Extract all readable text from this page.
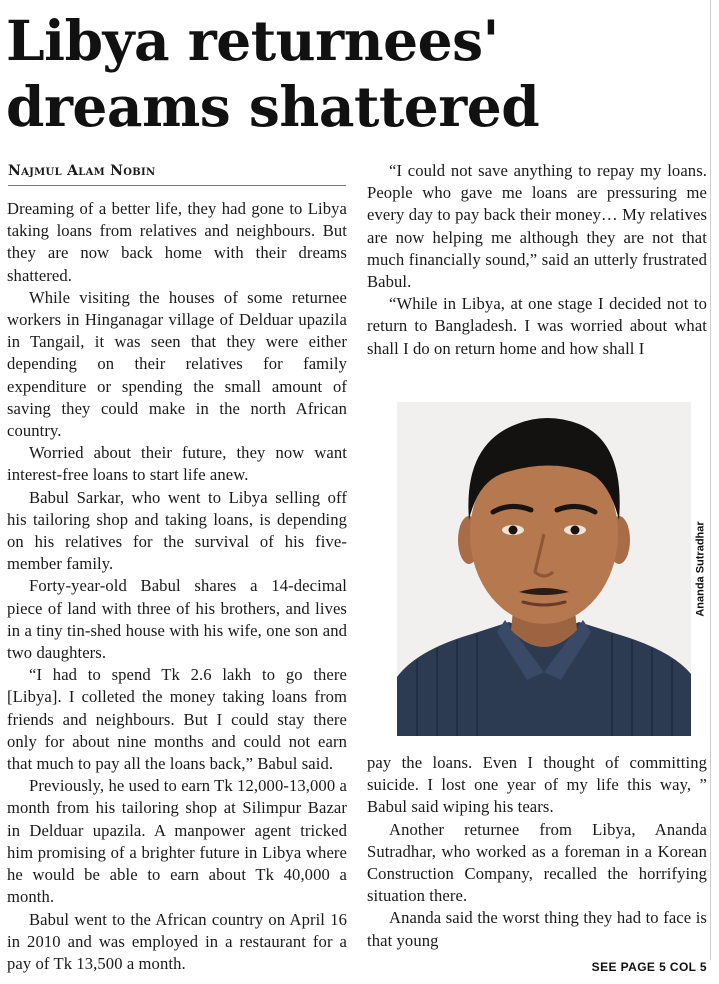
Libya returnees' dreams shattered
Najmul Alam Nobin

Dreaming of a better life, they had gone to Libya taking loans from relatives and neighbours. But they are now back home with their dreams shattered.

While visiting the houses of some returnee workers in Hinganagar village of Delduar upazila in Tangail, it was seen that they were either depending on their relatives for family expenditure or spending the small amount of saving they could make in the north African country.

Worried about their future, they now want interest-free loans to start life anew.

Babul Sarkar, who went to Libya selling off his tailoring shop and taking loans, is depending on his relatives for the survival of his five-member family.

Forty-year-old Babul shares a 14-decimal piece of land with three of his brothers, and lives in a tiny tin-shed house with his wife, one son and two daughters.

“I had to spend Tk 2.6 lakh to go there [Libya]. I colleted the money taking loans from friends and neighbours. But I could stay there only for about nine months and could not earn that much to pay all the loans back,” Babul said.

Previously, he used to earn Tk 12,000-13,000 a month from his tailoring shop at Silimpur Bazar in Delduar upazila. A manpower agent tricked him promising of a brighter future in Libya where he would be able to earn about Tk 40,000 a month.

Babul went to the African country on April 16 in 2010 and was employed in a restaurant for a pay of Tk 13,500 a month.

“I could not save anything to repay my loans. People who gave me loans are pressuring me every day to pay back their money… My relatives are now helping me although they are not that much financially sound,” said an utterly frustrated Babul.

“While in Libya, at one stage I decided not to return to Bangladesh. I was worried about what shall I do on return home and how shall I

Ananda Sutradhar

pay the loans. Even I thought of committing suicide. I lost one year of my life this way, ” Babul said wiping his tears.

Another returnee from Libya, Ananda Sutradhar, who worked as a foreman in a Korean Construction Company, recalled the horrifying situation there.

Ananda said the worst thing they had to face is that young

SEE PAGE 5 COL 5
